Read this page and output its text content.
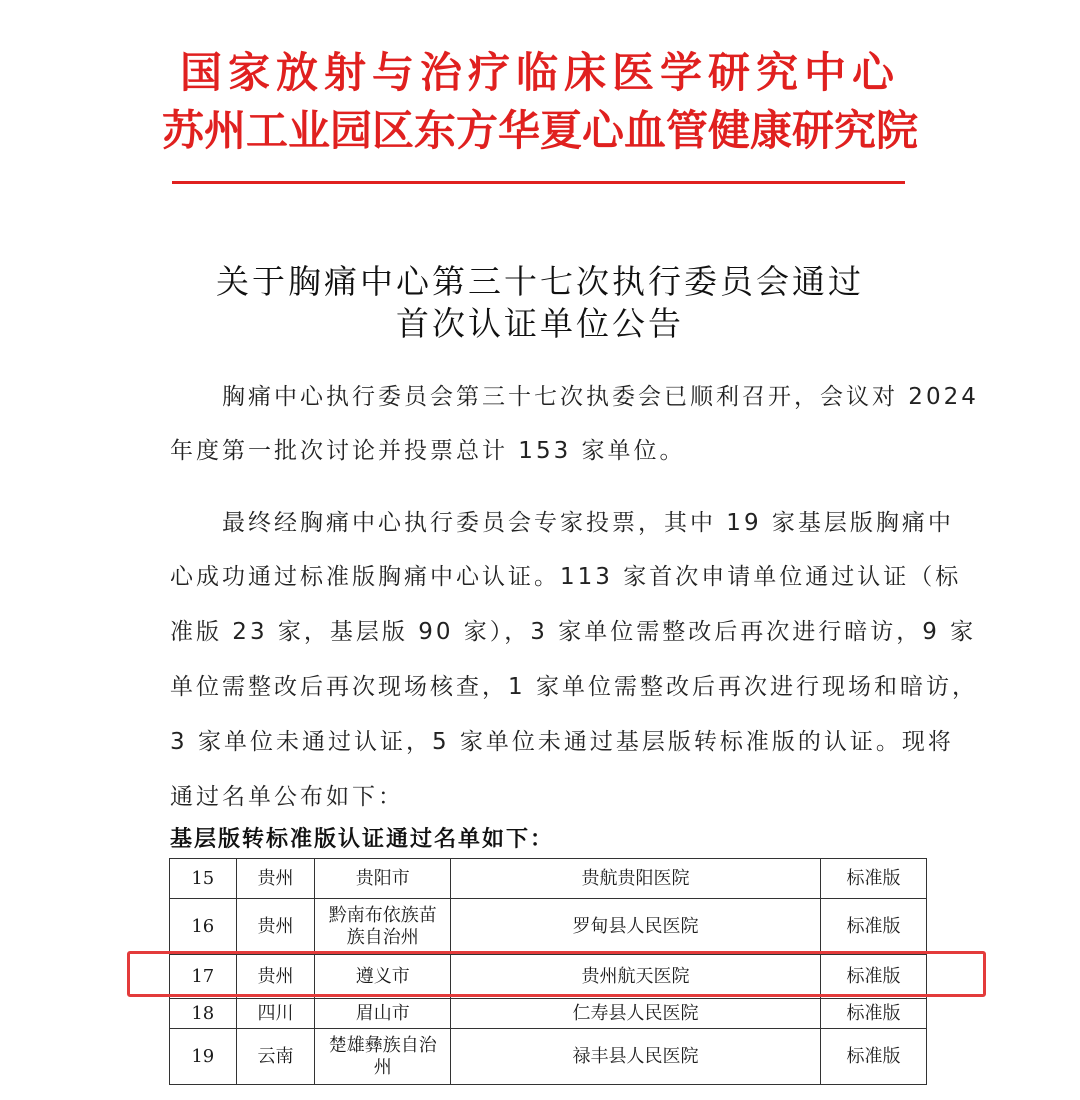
国家放射与治疗临床医学研究中心
苏州工业园区东方华夏心血管健康研究院
关于胸痛中心第三十七次执行委员会通过
首次认证单位公告
胸痛中心执行委员会第三十七次执委会已顺利召开，会议对 2024
年度第一批次讨论并投票总计 153 家单位。
最终经胸痛中心执行委员会专家投票，其中 19 家基层版胸痛中
心成功通过标准版胸痛中心认证。113 家首次申请单位通过认证（标
准版 23 家，基层版 90 家），3 家单位需整改后再次进行暗访，9 家
单位需整改后再次现场核查，1 家单位需整改后再次进行现场和暗访，
3 家单位未通过认证，5 家单位未通过基层版转标准版的认证。现将
通过名单公布如下：
基层版转标准版认证通过名单如下：
15	贵州	贵阳市	贵航贵阳医院	标准版
16	贵州	黔南布依族苗族自治州	罗甸县人民医院	标准版
17	贵州	遵义市	贵州航天医院	标准版
18	四川	眉山市	仁寿县人民医院	标准版
19	云南	楚雄彝族自治州	禄丰县人民医院	标准版
